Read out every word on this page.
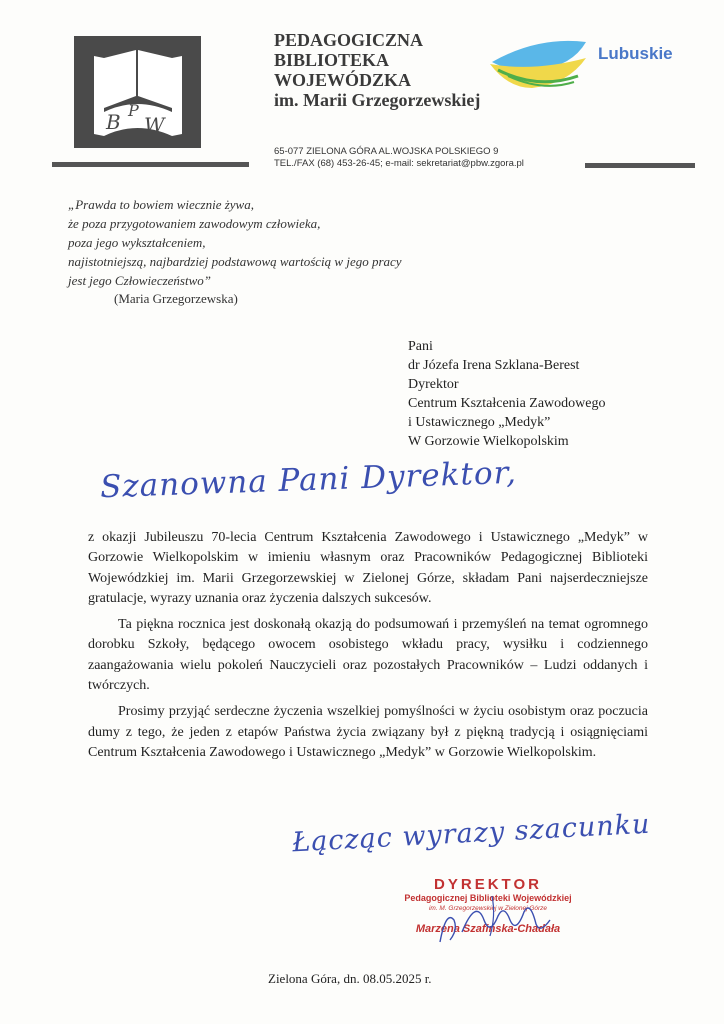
B P
W
PEDAGOGICZNA
BIBLIOTEKA
WOJEWÓDZKA
im. Marii Grzegorzewskiej
Lubuskie
65-077 ZIELONA GÓRA AL.WOJSKA POLSKIEGO 9
TEL./FAX (68) 453-26-45; e-mail: sekretariat@pbw.zgora.pl
„Prawda to bowiem wiecznie żywa,
że poza przygotowaniem zawodowym człowieka,
poza jego wykształceniem,
najistotniejszą, najbardziej podstawową wartością w jego pracy
jest jego Człowieczeństwo”
(Maria Grzegorzewska)
Pani
dr Józefa Irena Szklana-Berest
Dyrektor
Centrum Kształcenia Zawodowego
i Ustawicznego „Medyk”
W Gorzowie Wielkopolskim
Szanowna Pani Dyrektor,

z okazji Jubileuszu 70-lecia Centrum Kształcenia Zawodowego i Ustawicznego „Medyk” w Gorzowie Wielkopolskim w imieniu własnym oraz Pracowników Pedagogicznej Biblioteki Wojewódzkiej im. Marii Grzegorzewskiej w Zielonej Górze, składam Pani najserdeczniejsze gratulacje, wyrazy uznania oraz życzenia dalszych sukcesów.

Ta piękna rocznica jest doskonałą okazją do podsumowań i przemyśleń na temat ogromnego dorobku Szkoły, będącego owocem osobistego wkładu pracy, wysiłku i codziennego zaangażowania wielu pokoleń Nauczycieli oraz pozostałych Pracowników – Ludzi oddanych i twórczych.

Prosimy przyjąć serdeczne życzenia wszelkiej pomyślności w życiu osobistym oraz poczucia dumy z tego, że jeden z etapów Państwa życia związany był z piękną tradycją i osiągnięciami Centrum Kształcenia Zawodowego i Ustawicznego „Medyk” w Gorzowie Wielkopolskim.

Łącząc wyrazy szacunku
DYREKTOR
Pedagogicznej Biblioteki Wojewódzkiej
im. M. Grzegorzewskiej w Zielonej Górze
Marzena Szafińska-Chadała
Zielona Góra, dn. 08.05.2025 r.
